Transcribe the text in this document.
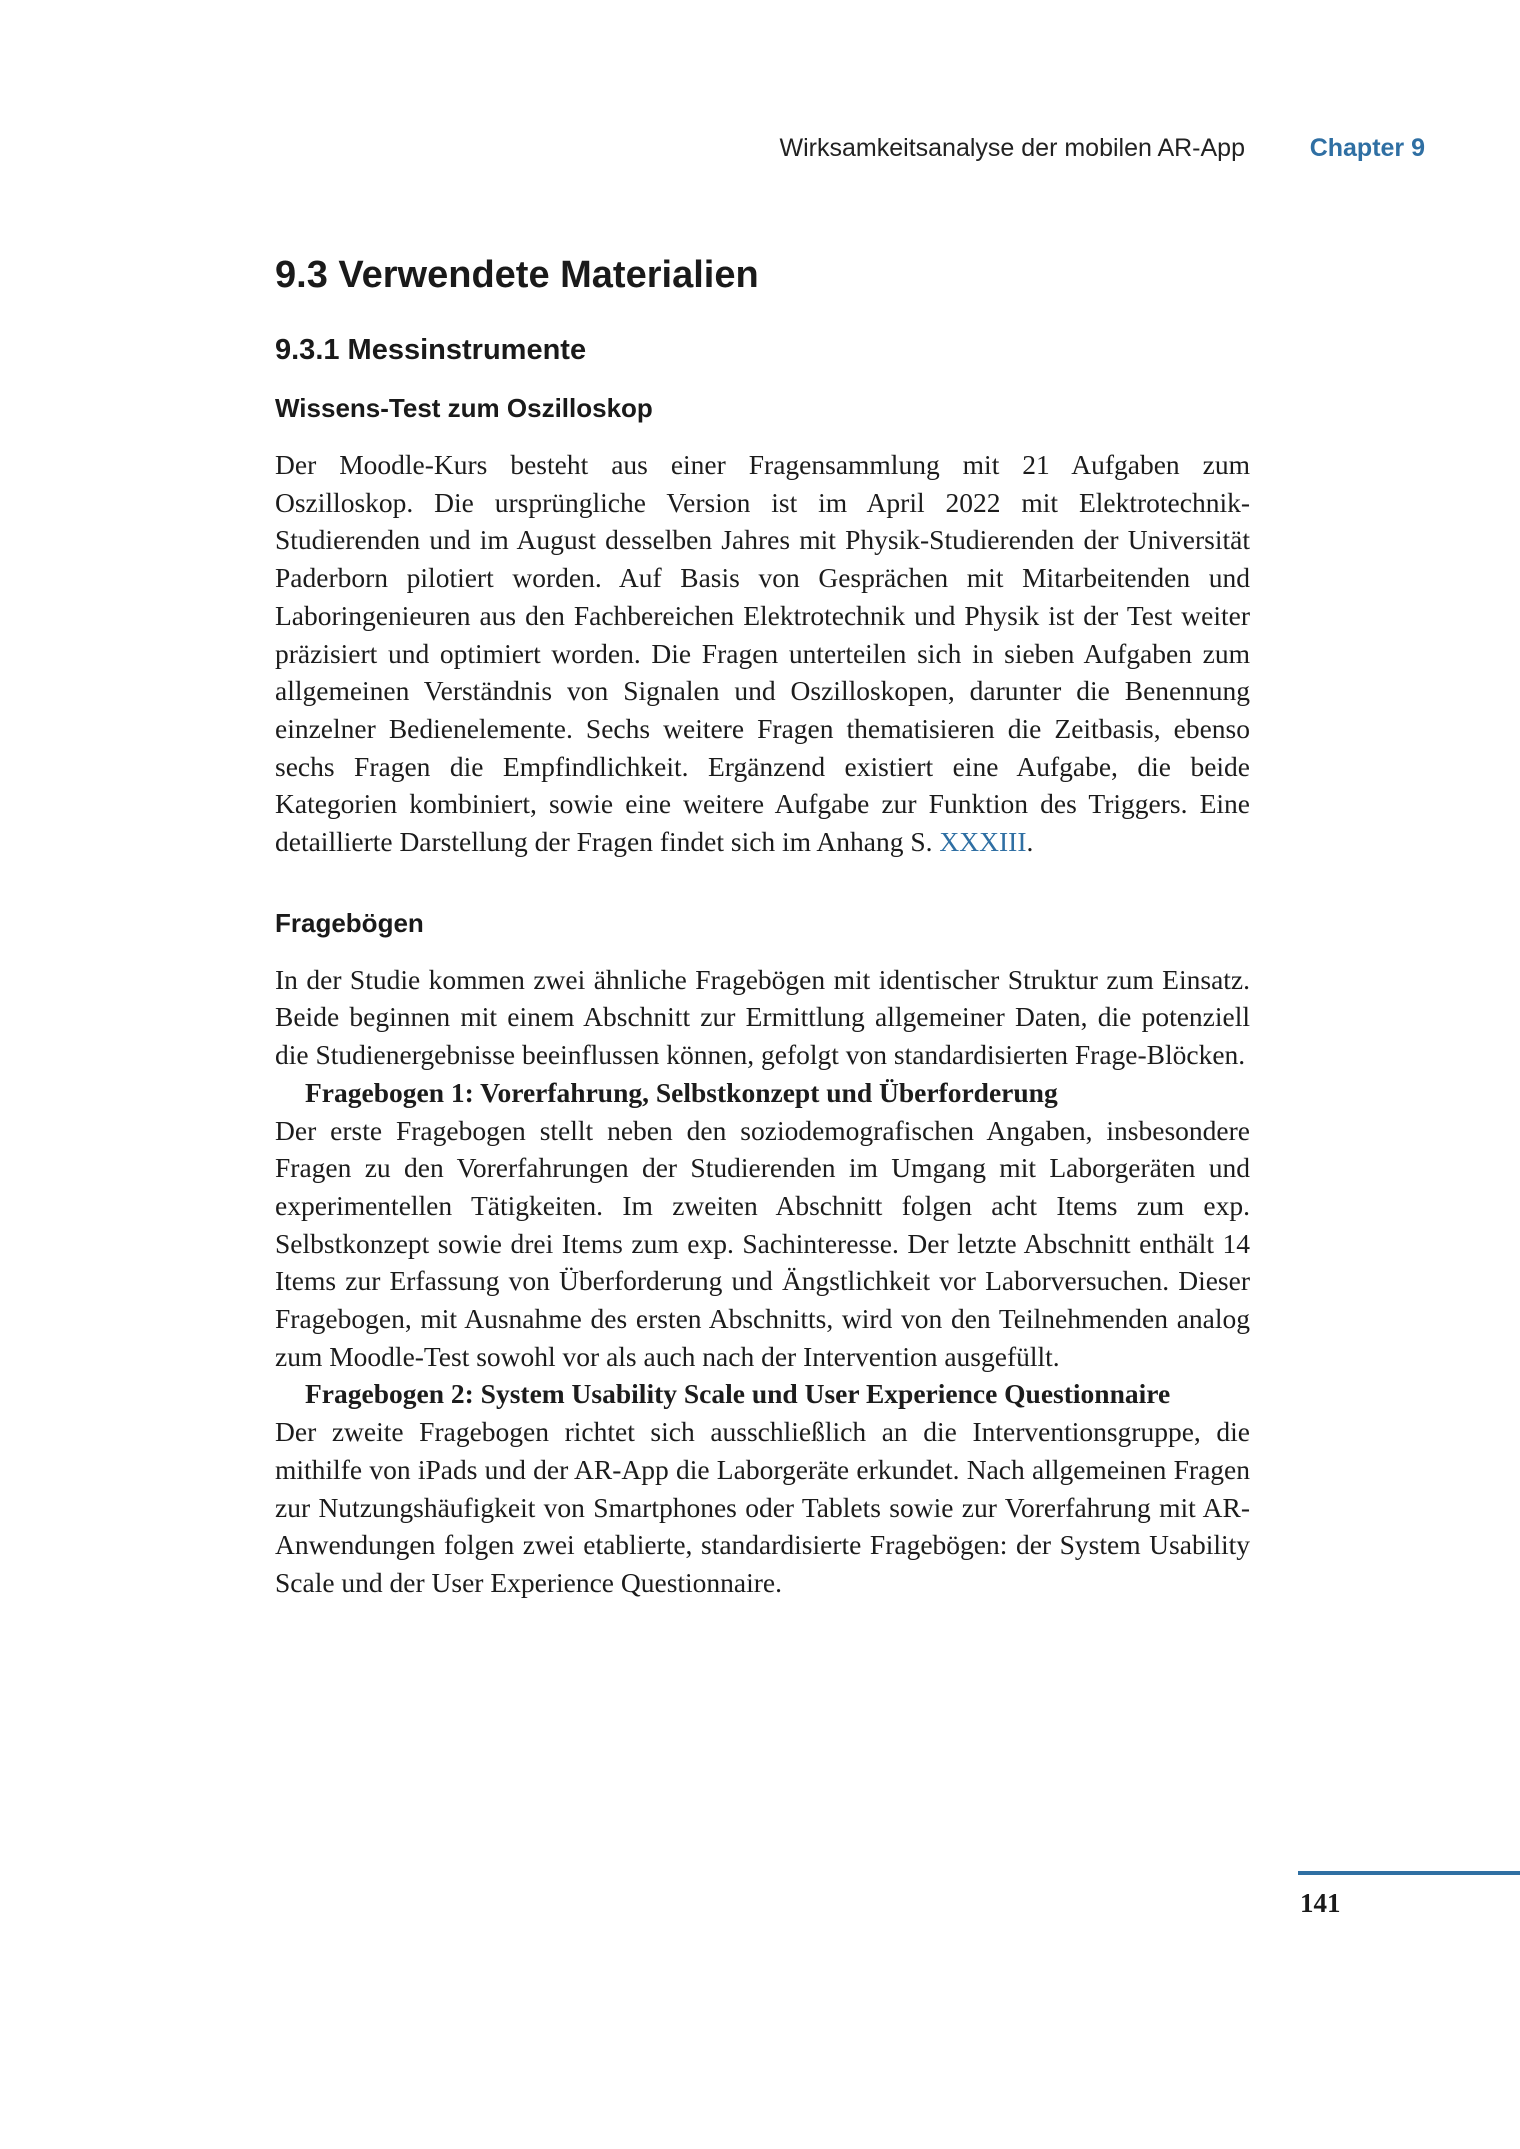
Wirksamkeitsanalyse der mobilen AR-App	Chapter 9
9.3 Verwendete Materialien
9.3.1 Messinstrumente
Wissens-Test zum Oszilloskop

Der Moodle-Kurs besteht aus einer Fragensammlung mit 21 Aufgaben zum Oszilloskop. Die ursprüngliche Version ist im April 2022 mit Elektrotechnik-Studierenden und im August desselben Jahres mit Physik-Studierenden der Universität Paderborn pilotiert worden. Auf Basis von Gesprächen mit Mitarbeitenden und Laboringenieuren aus den Fachbereichen Elektrotechnik und Physik ist der Test weiter präzisiert und optimiert worden. Die Fragen unterteilen sich in sieben Aufgaben zum allgemeinen Verständnis von Signalen und Oszilloskopen, darunter die Benennung einzelner Bedienelemente. Sechs weitere Fragen thematisieren die Zeitbasis, ebenso sechs Fragen die Empfindlichkeit. Ergänzend existiert eine Aufgabe, die beide Kategorien kombiniert, sowie eine weitere Aufgabe zur Funktion des Triggers. Eine detaillierte Darstellung der Fragen findet sich im Anhang S. XXXIII.

Fragebögen

In der Studie kommen zwei ähnliche Fragebögen mit identischer Struktur zum Einsatz. Beide beginnen mit einem Abschnitt zur Ermittlung allgemeiner Daten, die potenziell die Studienergebnisse beeinflussen können, gefolgt von standardisierten Frage-Blöcken.

Fragebogen 1: Vorerfahrung, Selbstkonzept und Überforderung

Der erste Fragebogen stellt neben den soziodemografischen Angaben, insbesondere Fragen zu den Vorerfahrungen der Studierenden im Umgang mit Laborgeräten und experimentellen Tätigkeiten. Im zweiten Abschnitt folgen acht Items zum exp. Selbstkonzept sowie drei Items zum exp. Sachinteresse. Der letzte Abschnitt enthält 14 Items zur Erfassung von Überforderung und Ängstlichkeit vor Laborversuchen. Dieser Fragebogen, mit Ausnahme des ersten Abschnitts, wird von den Teilnehmenden analog zum Moodle-Test sowohl vor als auch nach der Intervention ausgefüllt.

Fragebogen 2: System Usability Scale und User Experience Questionnaire

Der zweite Fragebogen richtet sich ausschließlich an die Interventionsgruppe, die mithilfe von iPads und der AR-App die Laborgeräte erkundet. Nach allgemeinen Fragen zur Nutzungshäufigkeit von Smartphones oder Tablets sowie zur Vorerfahrung mit AR-Anwendungen folgen zwei etablierte, standardisierte Fragebögen: der System Usability Scale und der User Experience Questionnaire.

141
